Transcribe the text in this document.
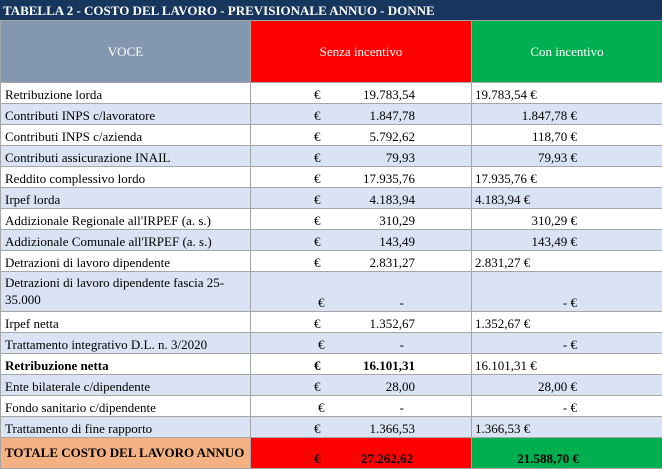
TABELLA 2 - COSTO DEL LAVORO - PREVISIONALE ANNUO - DONNE
VOCE	Senza incentivo	Con incentivo
Retribuzione lorda	€ 19.783,54	19.783,54 €
Contributi INPS c/lavoratore	€ 1.847,78	1.847,78 €

Contributi INPS c/azienda	€ 5.792,62	118,70 €

Contributi assicurazione INAIL	€ 79,93	79,93 €

Reddito complessivo lordo	€ 17.935,76	17.935,76 €
Irpef lorda	€ 4.183,94	4.183,94 €
Addizionale Regionale all'IRPEF (a. s.)	€ 310,29	310,29 €

Addizionale Comunale all'IRPEF (a. s.)	€ 143,49	143,49 €

Detrazioni di lavoro dipendente	€ 2.831,27	2.831,27 €
Detrazioni di lavoro dipendente fascia 25-35.000	€ -	- €

Irpef netta	€ 1.352,67	1.352,67 €
Trattamento integrativo D.L. n. 3/2020	€ -	- €

Retribuzione netta	€ 16.101,31	16.101,31 €
Ente bilaterale c/dipendente	€ 28,00	28,00 €

Fondo sanitario c/dipendente	€ -	- €

Trattamento di fine rapporto	€ 1.366,53	1.366,53 €
TOTALE COSTO DEL LAVORO ANNUO	€ 27.262,62	21.588,70 €
